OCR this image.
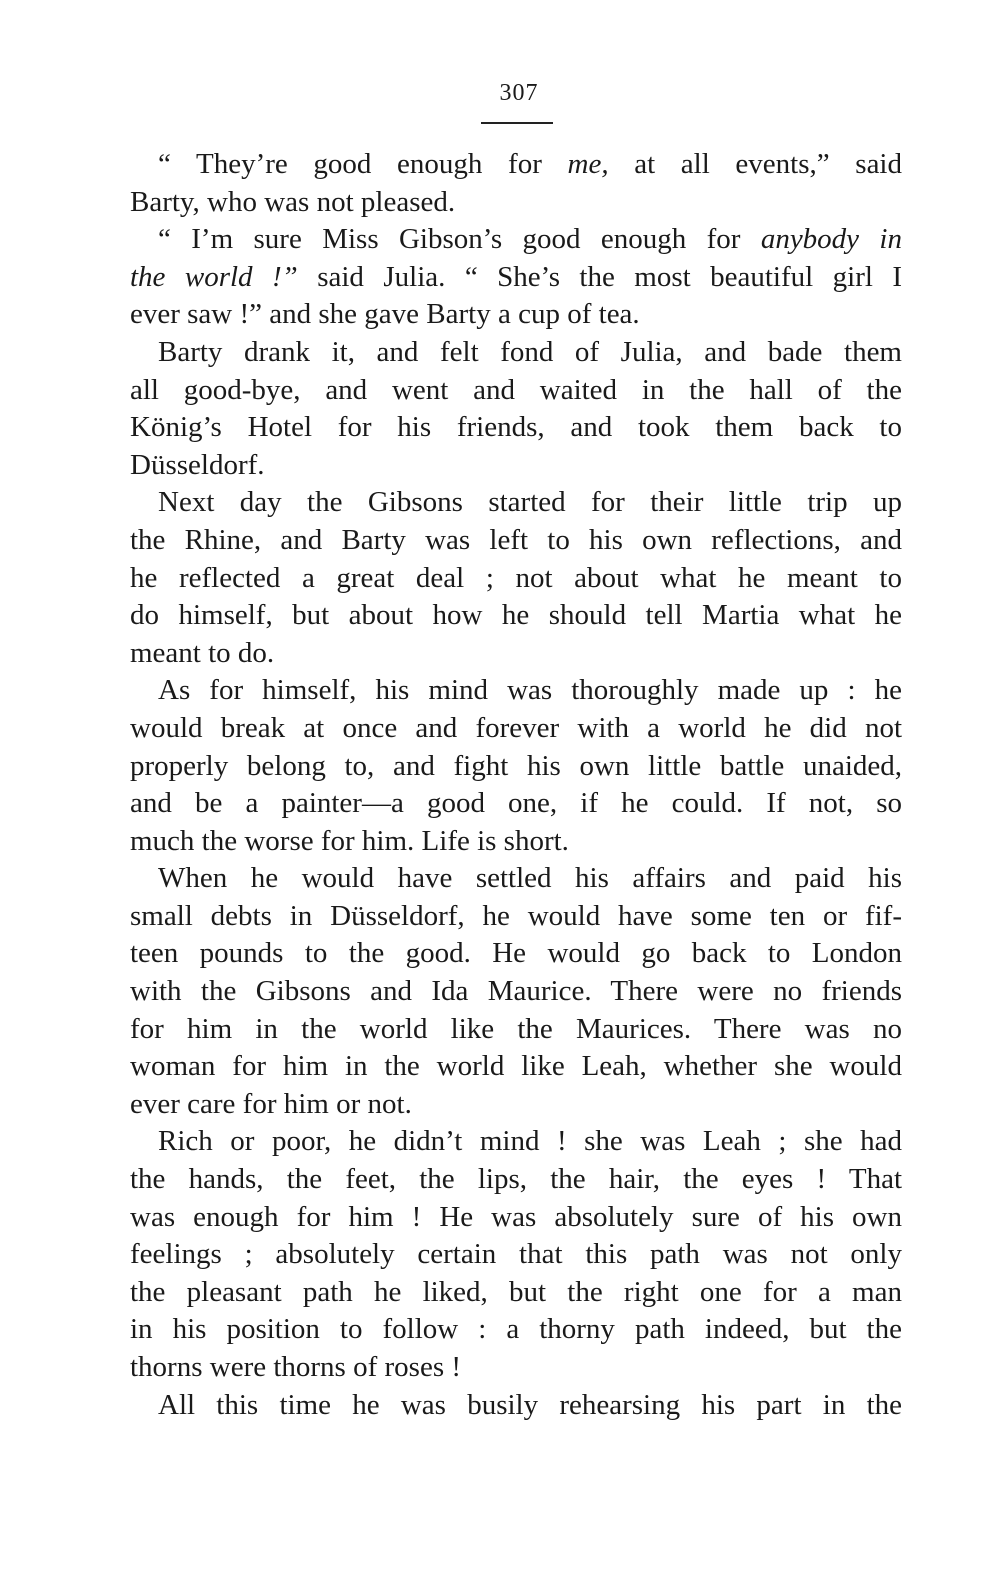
307

“ They’re good enough for me, at all events,” said
Barty, who was not pleased.

“ I’m sure Miss Gibson’s good enough for anybody in
the world !” said Julia. “ She’s the most beautiful girl I
ever saw !” and she gave Barty a cup of tea.

Barty drank it, and felt fond of Julia, and bade them
all good-bye, and went and waited in the hall of the
König’s Hotel for his friends, and took them back to
Düsseldorf.

Next day the Gibsons started for their little trip up
the Rhine, and Barty was left to his own reflections, and
he reflected a great deal ; not about what he meant to
do himself, but about how he should tell Martia what he
meant to do.

As for himself, his mind was thoroughly made up : he
would break at once and forever with a world he did not
properly belong to, and fight his own little battle unaided,
and be a painter—a good one, if he could. If not, so
much the worse for him. Life is short.

When he would have settled his affairs and paid his
small debts in Düsseldorf, he would have some ten or fif-
teen pounds to the good. He would go back to London
with the Gibsons and Ida Maurice. There were no friends
for him in the world like the Maurices. There was no
woman for him in the world like Leah, whether she would
ever care for him or not.

Rich or poor, he didn’t mind ! she was Leah ; she had
the hands, the feet, the lips, the hair, the eyes ! That
was enough for him ! He was absolutely sure of his own
feelings ; absolutely certain that this path was not only
the pleasant path he liked, but the right one for a man
in his position to follow : a thorny path indeed, but the
thorns were thorns of roses !

All this time he was busily rehearsing his part in the
